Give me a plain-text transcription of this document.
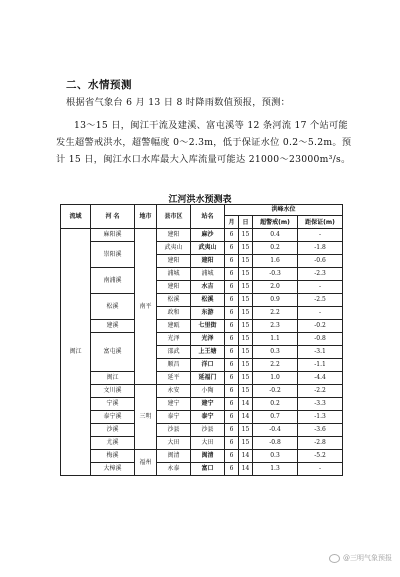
二、水情预测
根据省气象台 6 月 13 日 8 时降雨数值预报，预测：
13～15 日，闽江干流及建溪、富屯溪等 12 条河流 17 个站可能发生超警戒洪水，超警幅度 0～2.3m，低于保证水位 0.2～5.2m。预计 15 日，闽江水口水库最大入库流量可能达 21000～23000m³/s。
江河洪水预测表
流域	河 名	地市	县市区	站名	洪峰水位			
					月	日	超警戒(m)	距保证(m)
闽江	麻阳溪	南平	建阳	麻沙	6	15	0.4	-
	崇阳溪		武夷山	武夷山	6	15	0.2	-1.8
			建阳	建阳	6	15	1.6	-0.6
	南浦溪		浦城	浦城	6	15	-0.3	-2.3
			建阳	水吉	6	15	2.0	-
	松溪		松溪	松溪	6	15	0.9	-2.5
			政和	东游	6	15	2.2	-
	建溪		建瓯	七里街	6	15	2.3	-0.2
	富屯溪		光泽	光泽	6	15	1.1	-0.8
			邵武	上王塘	6	15	0.3	-3.1
			顺昌	洋口	6	15	2.2	-1.1
	闽江		延平	延福门	6	15	1.0	-4.4
	文川溪	三明	永安	小陶	6	15	-0.2	-2.2
	宁溪		建宁	建宁	6	14	0.2	-3.3
	泰宁溪		泰宁	泰宁	6	14	0.7	-1.3
	沙溪		沙县	沙县	6	15	-0.4	-3.6
	尤溪		大田	大田	6	15	-0.8	-2.8
	梅溪	福州	闽清	闽清	6	14	0.3	-5.2
	大樟溪		永泰	富口	6	14	1.3	-
@三明气象预报
